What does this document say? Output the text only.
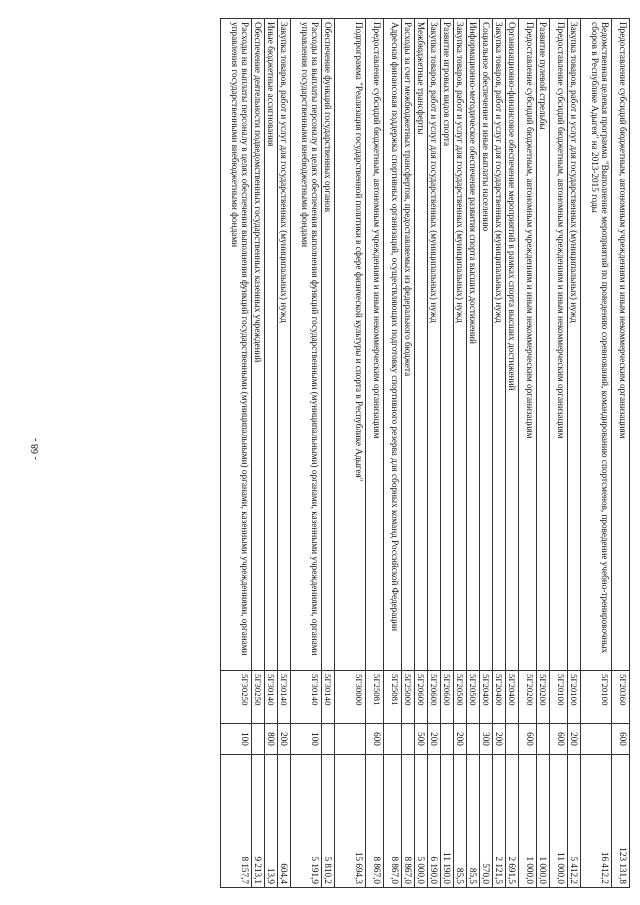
- 68 -
Предоставление субсидий бюджетным, автономным учреждениям и иным некоммерческим организациям	5Г20360	600	123 131,8
Ведомственная целевая программа "Выполнение мероприятий по проведению соревнований, командированию спортсменов, проведение учебно-тренировочных сборов в Республике Адыгея" на 2013-2015 годы	5Г20100		16 412,2
Закупка товаров, работ и услуг для государственных (муниципальных) нужд	5Г20100	200	5 412,2
Предоставление субсидий бюджетным, автономным учреждениям и иным некоммерческим организациям	5Г20100	600	11 000,0
Развитие пулевой стрельбы	5Г20200		1 000,0
Предоставление субсидий бюджетным, автономным учреждениям и иным некоммерческим организациям	5Г20200	600	1 000,0
Организационно-финансовое обеспечение мероприятий в рамках спорта высших достижений	5Г20400		2 691,5
Закупка товаров, работ и услуг для государственных (муниципальных) нужд	5Г20400	200	2 121,5
Социальное обеспечение и иные выплаты населению	5Г20400	300	570,0
Информационно-методическое обеспечение развития спорта высших достижений	5Г20500		85,5
Закупка товаров, работ и услуг для государственных (муниципальных) нужд	5Г20500	200	85,5
Развитие игровых видов спорта	5Г20600		11 190,0
Закупка товаров, работ и услуг для государственных (муниципальных) нужд	5Г20600	200	6 190,0
Межбюджетные трансферты	5Г20600	500	5 000,0
Расходы за счет межбюджетных трансфертов, предоставляемых из федерального бюджета	5Г25000		8 867,0
Адресная финансовая поддержка спортивных организаций, осуществляющих подготовку спортивного резерва для сборных команд Российской Федерации	5Г25081		8 867,0
Предоставление субсидий бюджетным, автономным учреждениям и иным некоммерческим организациям	5Г25081	600	8 867,0
Подпрограмма "Реализация государственной политики в сфере физической культуры и спорта в Республике Адыгея"	5Г30000		15 694,3
Обеспечение функций государственных органов	5Г30140		5 810,2
Расходы на выплаты персоналу в целях обеспечения выполнения функций государственными (муниципальными) органами, казенными учреждениями, органами управления государственными внебюджетными фондами	5Г30140	100	5 191,9
Закупка товаров, работ и услуг для государственных (муниципальных) нужд	5Г30140	200	604,4
Иные бюджетные ассигнования	5Г30140	800	13,9
Обеспечение деятельности подведомственных государственных казенных учреждений	5Г30250		9 213,1
Расходы на выплаты персоналу в целях обеспечения выполнения функций государственными (муниципальными) органами, казенными учреждениями, органами управления государственными внебюджетными фондами	5Г30250	100	8 157,7
